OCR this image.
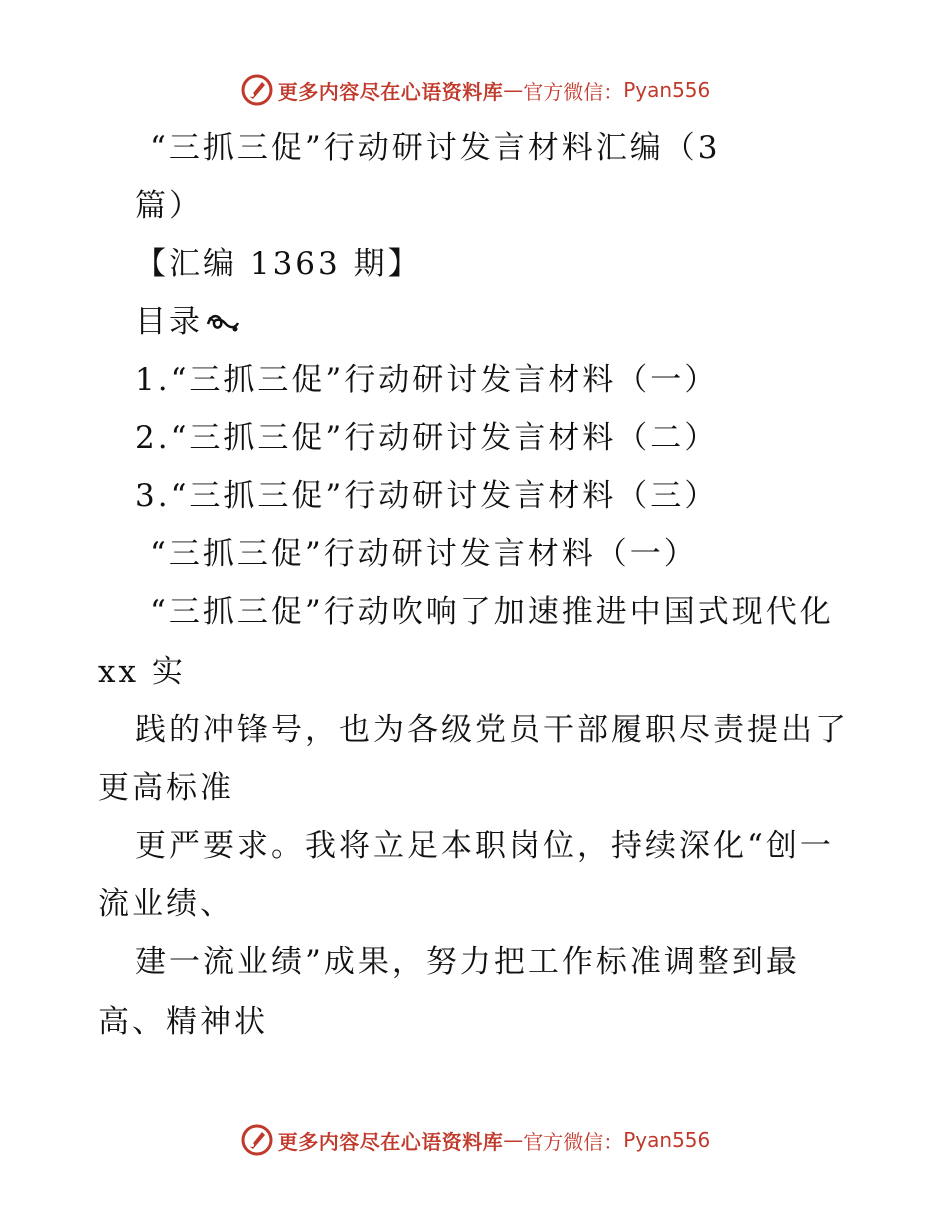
更多内容尽在心语资料库 — 官方微信： Pyan556
“三抓三促”行动研讨发言材料汇编（3
篇）
【汇编 1363 期】
目录
1.“三抓三促”行动研讨发言材料（一）
2.“三抓三促”行动研讨发言材料（二）
3.“三抓三促”行动研讨发言材料（三）
“三抓三促”行动研讨发言材料（一）
“三抓三促”行动吹响了加速推进中国式现代化
xx 实
践的冲锋号，也为各级党员干部履职尽责提出了
更高标准
更严要求。我将立足本职岗位，持续深化“创一
流业绩、
建一流业绩”成果，努力把工作标准调整到最
高、精神状
更多内容尽在心语资料库 — 官方微信： Pyan556
